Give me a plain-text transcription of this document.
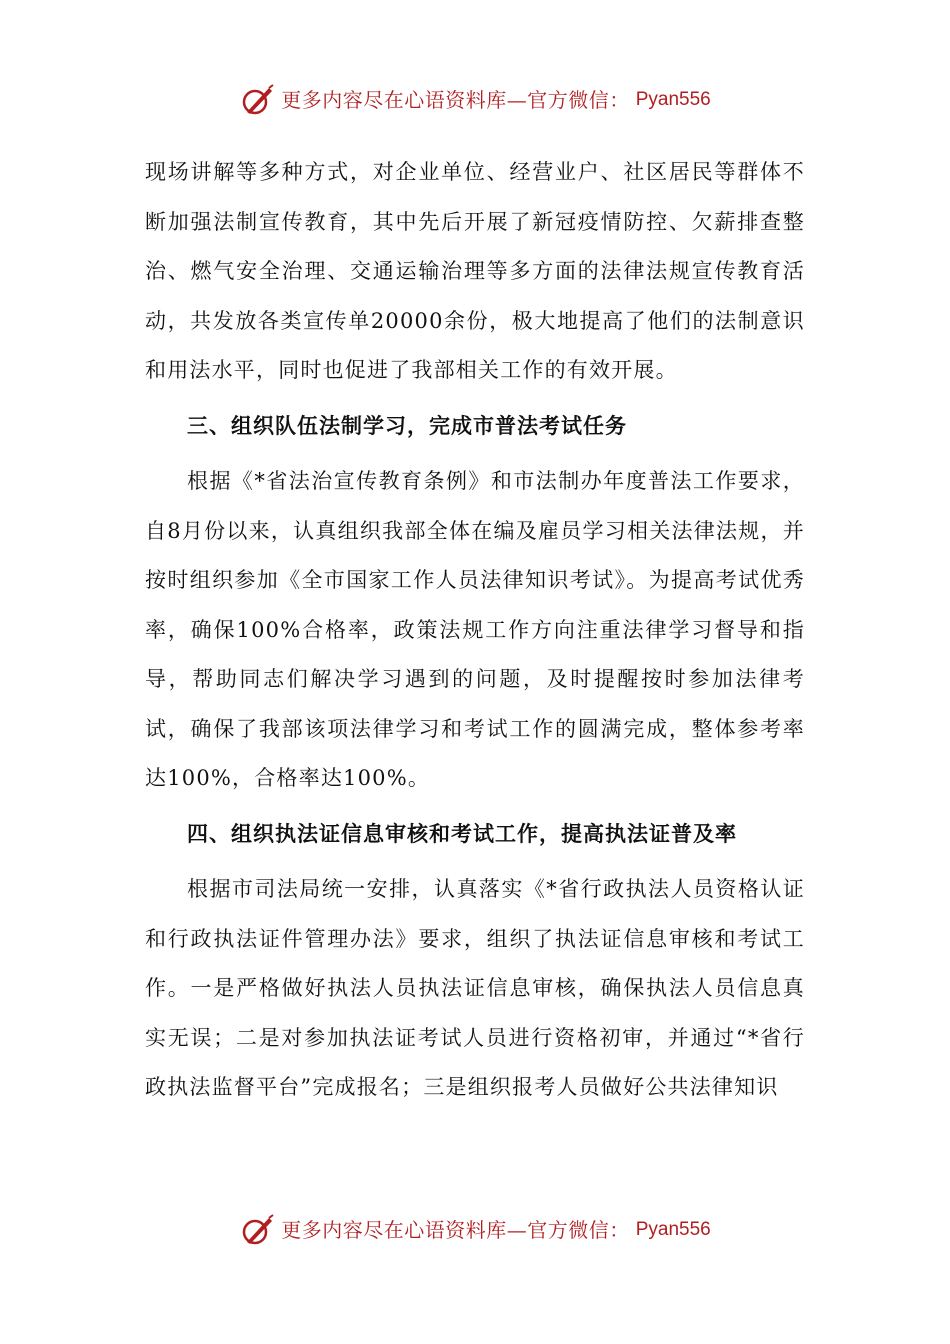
更多内容尽在心语资料库—官方微信： Pyan556

现场讲解等多种方式，对企业单位、经营业户、社区居民等群体不断加强法制宣传教育，其中先后开展了新冠疫情防控、欠薪排查整治、燃气安全治理、交通运输治理等多方面的法律法规宣传教育活动，共发放各类宣传单20000余份，极大地提高了他们的法制意识和用法水平，同时也促进了我部相关工作的有效开展。

三、组织队伍法制学习，完成市普法考试任务

根据《*省法治宣传教育条例》和市法制办年度普法工作要求，自8月份以来，认真组织我部全体在编及雇员学习相关法律法规，并按时组织参加《全市国家工作人员法律知识考试》。为提高考试优秀率，确保100%合格率，政策法规工作方向注重法律学习督导和指导，帮助同志们解决学习遇到的问题，及时提醒按时参加法律考试，确保了我部该项法律学习和考试工作的圆满完成，整体参考率达100%，合格率达100%。

四、组织执法证信息审核和考试工作，提高执法证普及率

根据市司法局统一安排，认真落实《*省行政执法人员资格认证和行政执法证件管理办法》要求，组织了执法证信息审核和考试工作。一是严格做好执法人员执法证信息审核，确保执法人员信息真实无误；二是对参加执法证考试人员进行资格初审，并通过“*省行政执法监督平台”完成报名；三是组织报考人员做好公共法律知识

更多内容尽在心语资料库—官方微信： Pyan556
